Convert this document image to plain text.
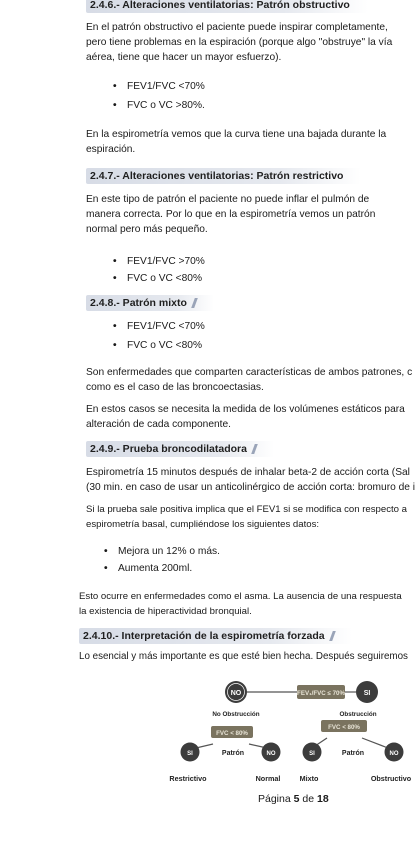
2.4.6.- Alteraciones ventilatorias: Patrón obstructivo
En el patrón obstructivo el paciente puede inspirar completamente,
pero tiene problemas en la espiración (porque algo "obstruye" la vía
aérea, tiene que hacer un mayor esfuerzo).
• FEV1/FVC <70%
• FVC o VC >80%.
En la espirometría vemos que la curva tiene una bajada durante la
espiración.
2.4.7.- Alteraciones ventilatorias: Patrón restrictivo
En este tipo de patrón el paciente no puede inflar el pulmón de
manera correcta. Por lo que en la espirometría vemos un patrón
normal pero más pequeño.
• FEV1/FVC >70%
• FVC o VC <80%
2.4.8.- Patrón mixto
• FEV1/FVC <70%
• FVC o VC <80%
Son enfermedades que comparten características de ambos patrones, c
como es el caso de las broncoectasias.
En estos casos se necesita la medida de los volúmenes estáticos para
alteración de cada componente.
2.4.9.- Prueba broncodilatadora
Espirometría 15 minutos después de inhalar beta-2 de acción corta (Sal
(30 min. en caso de usar un anticolinérgico de acción corta: bromuro de i
Si la prueba sale positiva implica que el FEV1 si se modifica con respecto a
espirometría basal, cumpliéndose los siguientes datos:
• Mejora un 12% o más.
• Aumenta 200ml.
Esto ocurre en enfermedades como el asma. La ausencia de una respuesta
la existencia de hiperactividad bronquial.
2.4.10.- Interpretación de la espirometría forzada
Lo esencial y más importante es que esté bien hecha. Después seguiremos
NO	FEV₁/FVC ≤ 70%	SI
No Obstrucción	Obstrucción
FVC < 80%
FVC < 80%
SI	Patrón	NO	SI	Patrón	NO
Restrictivo	Normal	Mixto	Obstructivo
Página 5 de 18
